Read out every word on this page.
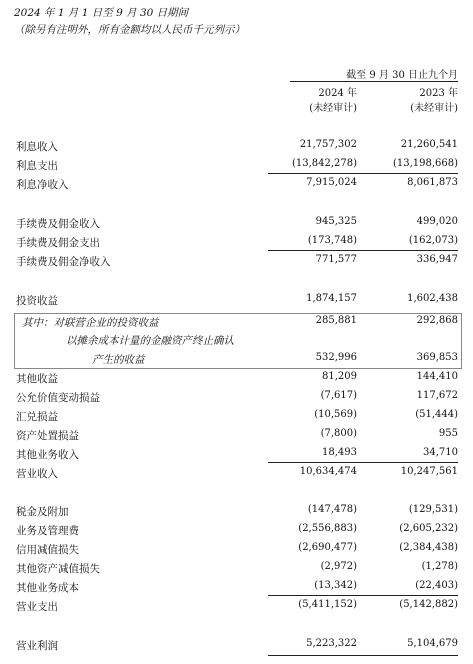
2024 年 1 月 1 日至 9 月 30 日期间
（除另有注明外，所有金额均以人民币千元列示）
截至 9 月 30 日止九个月
2024 年
(未经审计)
2023 年
(未经审计)
利息收入	21,757,302	21,260,541
利息支出	(13,842,278)	(13,198,668)
利息净收入	7,915,024	8,061,873
手续费及佣金收入	945,325	499,020
手续费及佣金支出	(173,748)	(162,073)
手续费及佣金净收入	771,577	336,947
投资收益	1,874,157	1,602,438
其中：对联营企业的投资收益	285,881	292,868
以摊余成本计量的金融资产终止确认
产生的收益	532,996	369,853
其他收益	81,209	144,410
公允价值变动损益	(7,617)	117,672
汇兑损益	(10,569)	(51,444)
资产处置损益	(7,800)	955
其他业务收入	18,493	34,710
营业收入	10,634,474	10,247,561
税金及附加	(147,478)	(129,531)
业务及管理费	(2,556,883)	(2,605,232)
信用减值损失	(2,690,477)	(2,384,438)
其他资产减值损失	(2,972)	(1,278)
其他业务成本	(13,342)	(22,403)
营业支出	(5,411,152)	(5,142,882)
营业利润	5,223,322	5,104,679
